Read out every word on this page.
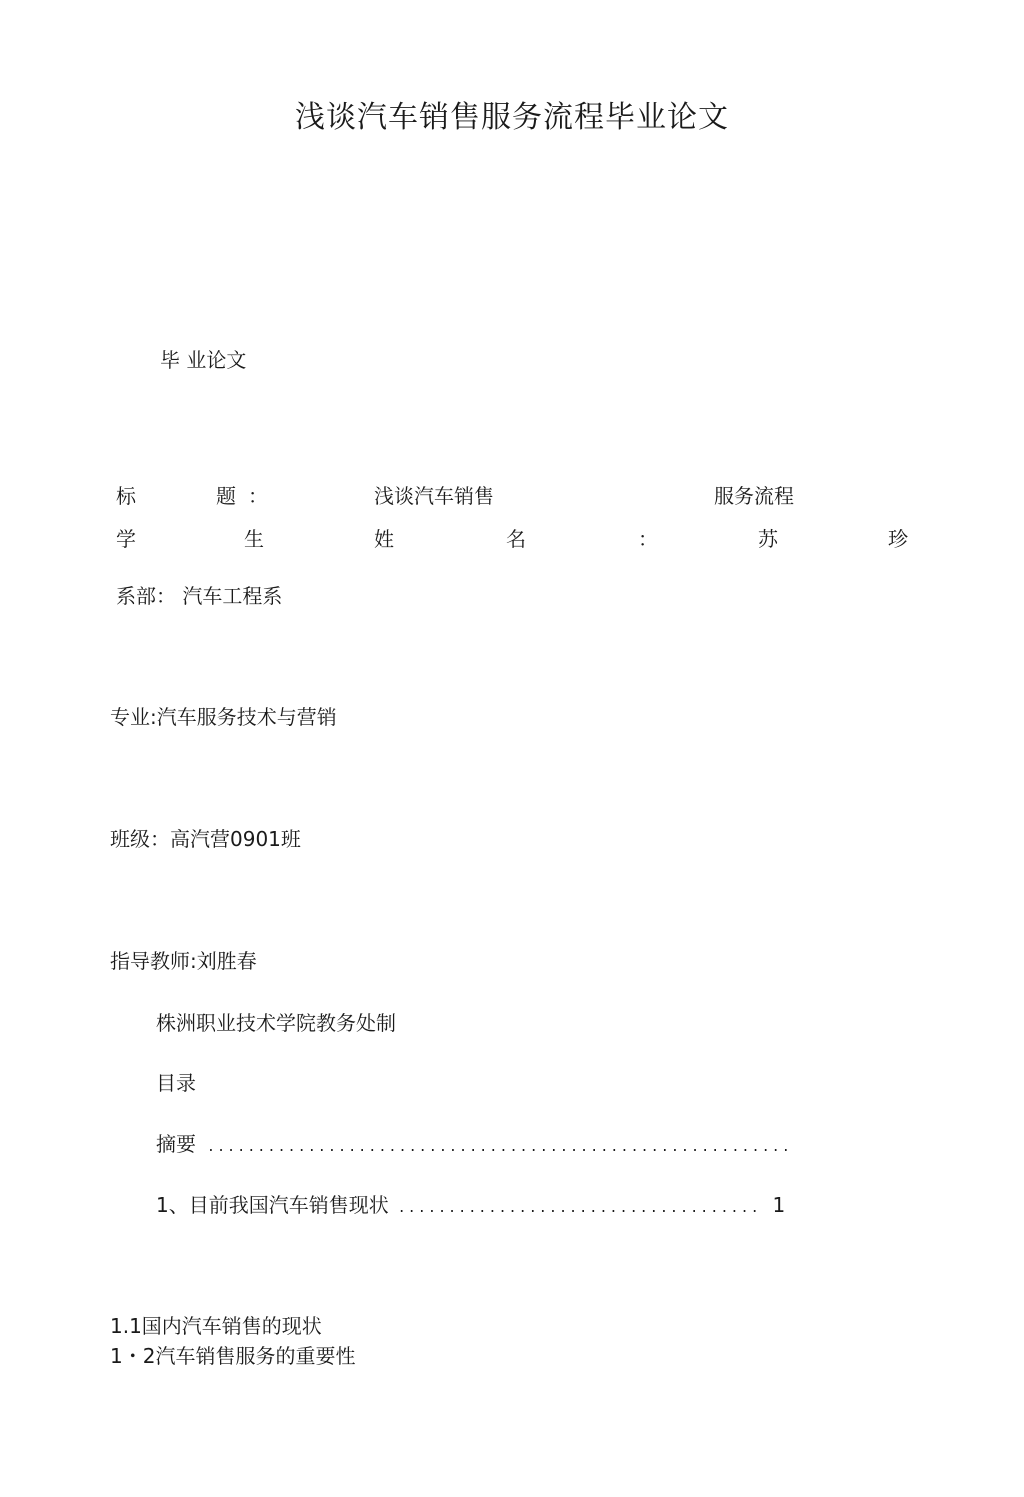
浅谈汽车销售服务流程毕业论文
毕 业论文
标	题 ：	浅谈汽车销售	服务流程
学	生	姓	名	：	苏	珍
系部： 汽车工程系
专业:汽车服务技术与营销
班级：高汽营0901班
指导教师:刘胜春
株洲职业技术学院教务处制
目录
摘要 ..........................................................
1、目前我国汽车销售现状 .................................... 1
1.1国内汽车销售的现状
1・2汽车销售服务的重要性
